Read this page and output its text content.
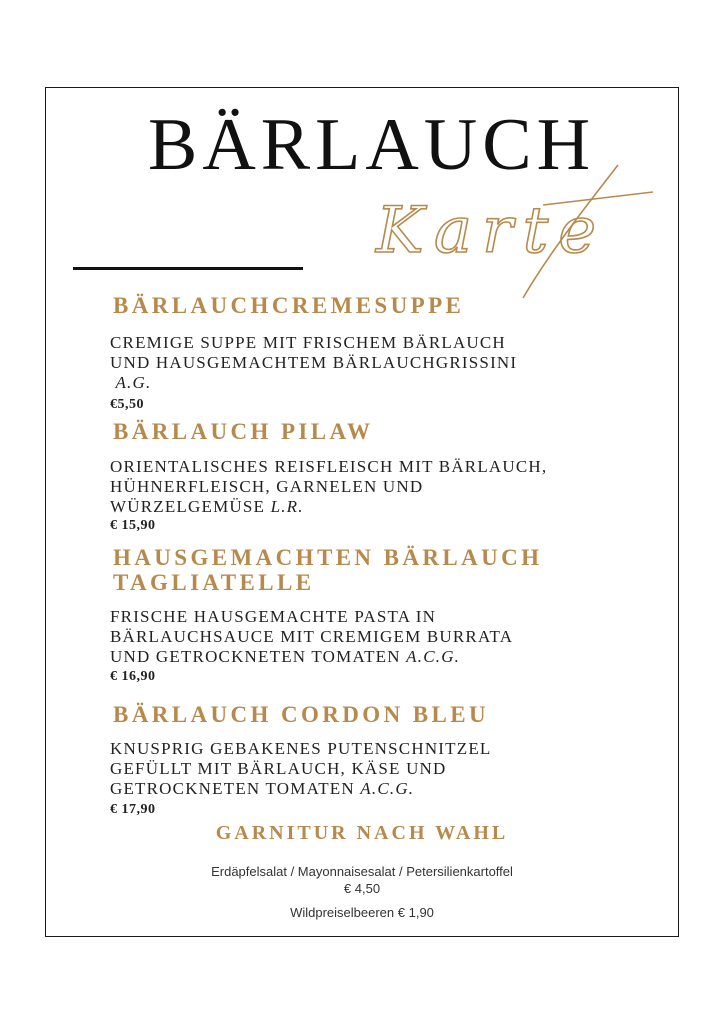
BÄRLAUCH
Karte
BÄRLAUCHCREMESUPPE
CREMIGE SUPPE MIT FRISCHEM BÄRLAUCH
UND HAUSGEMACHTEM BÄRLAUCHGRISSINI
A.G.
€5,50
BÄRLAUCH PILAW
ORIENTALISCHES REISFLEISCH MIT BÄRLAUCH,
HÜHNERFLEISCH, GARNELEN UND
WÜRZELGEMÜSE L.R.
€ 15,90
HAUSGEMACHTEN BÄRLAUCH
TAGLIATELLE
FRISCHE HAUSGEMACHTE PASTA IN
BÄRLAUCHSAUCE MIT CREMIGEM BURRATA
UND GETROCKNETEN TOMATEN A.C.G.
€ 16,90
BÄRLAUCH CORDON BLEU
KNUSPRIG GEBAKENES PUTENSCHNITZEL
GEFÜLLT MIT BÄRLAUCH, KÄSE UND
GETROCKNETEN TOMATEN A.C.G.
€ 17,90
GARNITUR NACH WAHL
Erdäpfelsalat / Mayonnaisesalat / Petersilienkartoffel
€ 4,50
Wildpreiselbeeren € 1,90
